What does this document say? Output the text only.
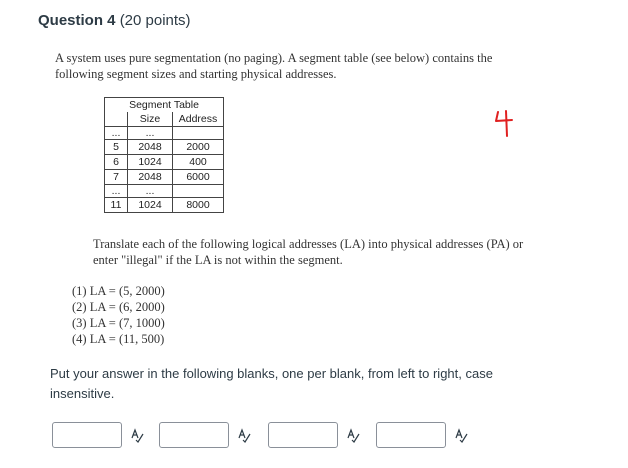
Question 4 (20 points)
A system uses pure segmentation (no paging). A segment table (see below) contains the
following segment sizes and starting physical addresses.
Segment Table		
	Size	Address
...	...	
5	2048	2000
6	1024	400
7	2048	6000
...	...	
11	1024	8000
Translate each of the following logical addresses (LA) into physical addresses (PA) or
enter "illegal" if the LA is not within the segment.
(1) LA = (5, 2000)
(2) LA = (6, 2000)
(3) LA = (7, 1000)
(4) LA = (11, 500)
Put your answer in the following blanks, one per blank, from left to right, case
insensitive.
